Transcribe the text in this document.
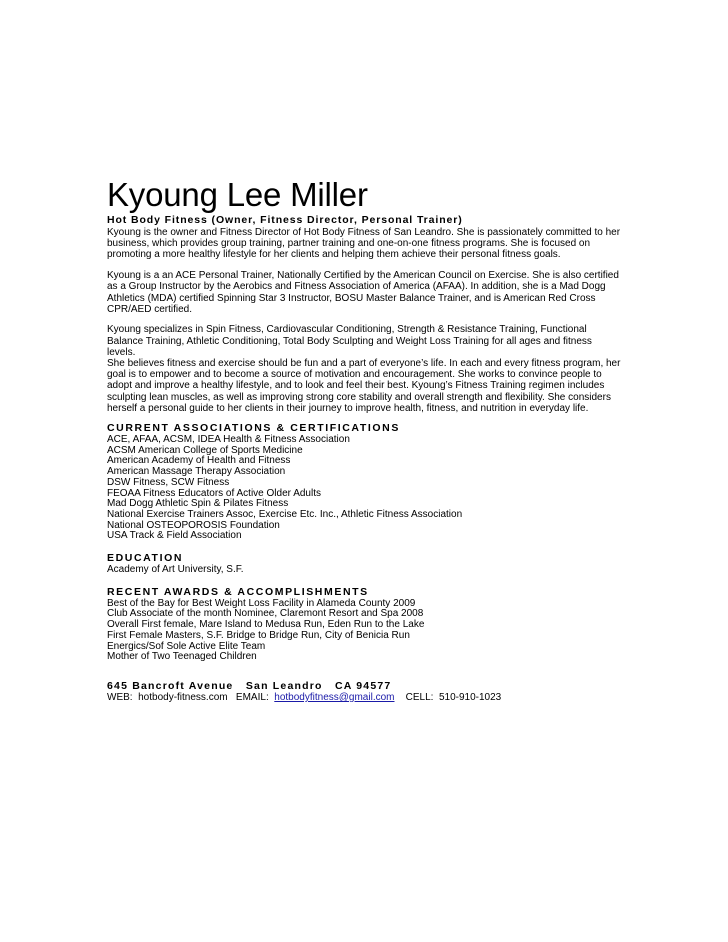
Kyoung Lee Miller
Hot Body Fitness (Owner, Fitness Director, Personal Trainer)

Kyoung is the owner and Fitness Director of Hot Body Fitness of San Leandro. She is passionately committed to her business, which provides group training, partner training and one-on-one fitness programs. She is focused on promoting a more healthy lifestyle for her clients and helping them achieve their personal fitness goals.

Kyoung is a an ACE Personal Trainer, Nationally Certified by the American Council on Exercise. She is also certified as a Group Instructor by the Aerobics and Fitness Association of America (AFAA). In addition, she is a Mad Dogg Athletics (MDA) certified Spinning Star 3 Instructor, BOSU Master Balance Trainer, and is American Red Cross CPR/AED certified.

Kyoung specializes in Spin Fitness, Cardiovascular Conditioning, Strength & Resistance Training, Functional Balance Training, Athletic Conditioning, Total Body Sculpting and Weight Loss Training for all ages and fitness levels.

She believes fitness and exercise should be fun and a part of everyone’s life. In each and every fitness program, her goal is to empower and to become a source of motivation and encouragement. She works to convince people to adopt and improve a healthy lifestyle, and to look and feel their best. Kyoung’s Fitness Training regimen includes sculpting lean muscles, as well as improving strong core stability and overall strength and flexibility. She considers herself a personal guide to her clients in their journey to improve health, fitness, and nutrition in everyday life.

CURRENT ASSOCIATIONS & CERTIFICATIONS
ACE, AFAA, ACSM, IDEA Health & Fitness Association
ACSM American College of Sports Medicine
American Academy of Health and Fitness
American Massage Therapy Association
DSW Fitness, SCW Fitness
FEOAA Fitness Educators of Active Older Adults
Mad Dogg Athletic Spin & Pilates Fitness
National Exercise Trainers Assoc, Exercise Etc. Inc., Athletic Fitness Association
National OSTEOPOROSIS Foundation
USA Track & Field Association
EDUCATION
Academy of Art University, S.F.
RECENT AWARDS & ACCOMPLISHMENTS
Best of the Bay for Best Weight Loss Facility in Alameda County 2009
Club Associate of the month Nominee, Claremont Resort and Spa 2008
Overall First female, Mare Island to Medusa Run, Eden Run to the Lake
First Female Masters, S.F. Bridge to Bridge Run, City of Benicia Run
Energics/Sof Sole Active Elite Team
Mother of Two Teenaged Children
645 Bancroft Avenue   San Leandro   CA 94577
WEB:  hotbody-fitness.com   EMAIL:  hotbodyfitness@gmail.com    CELL:  510-910-1023
